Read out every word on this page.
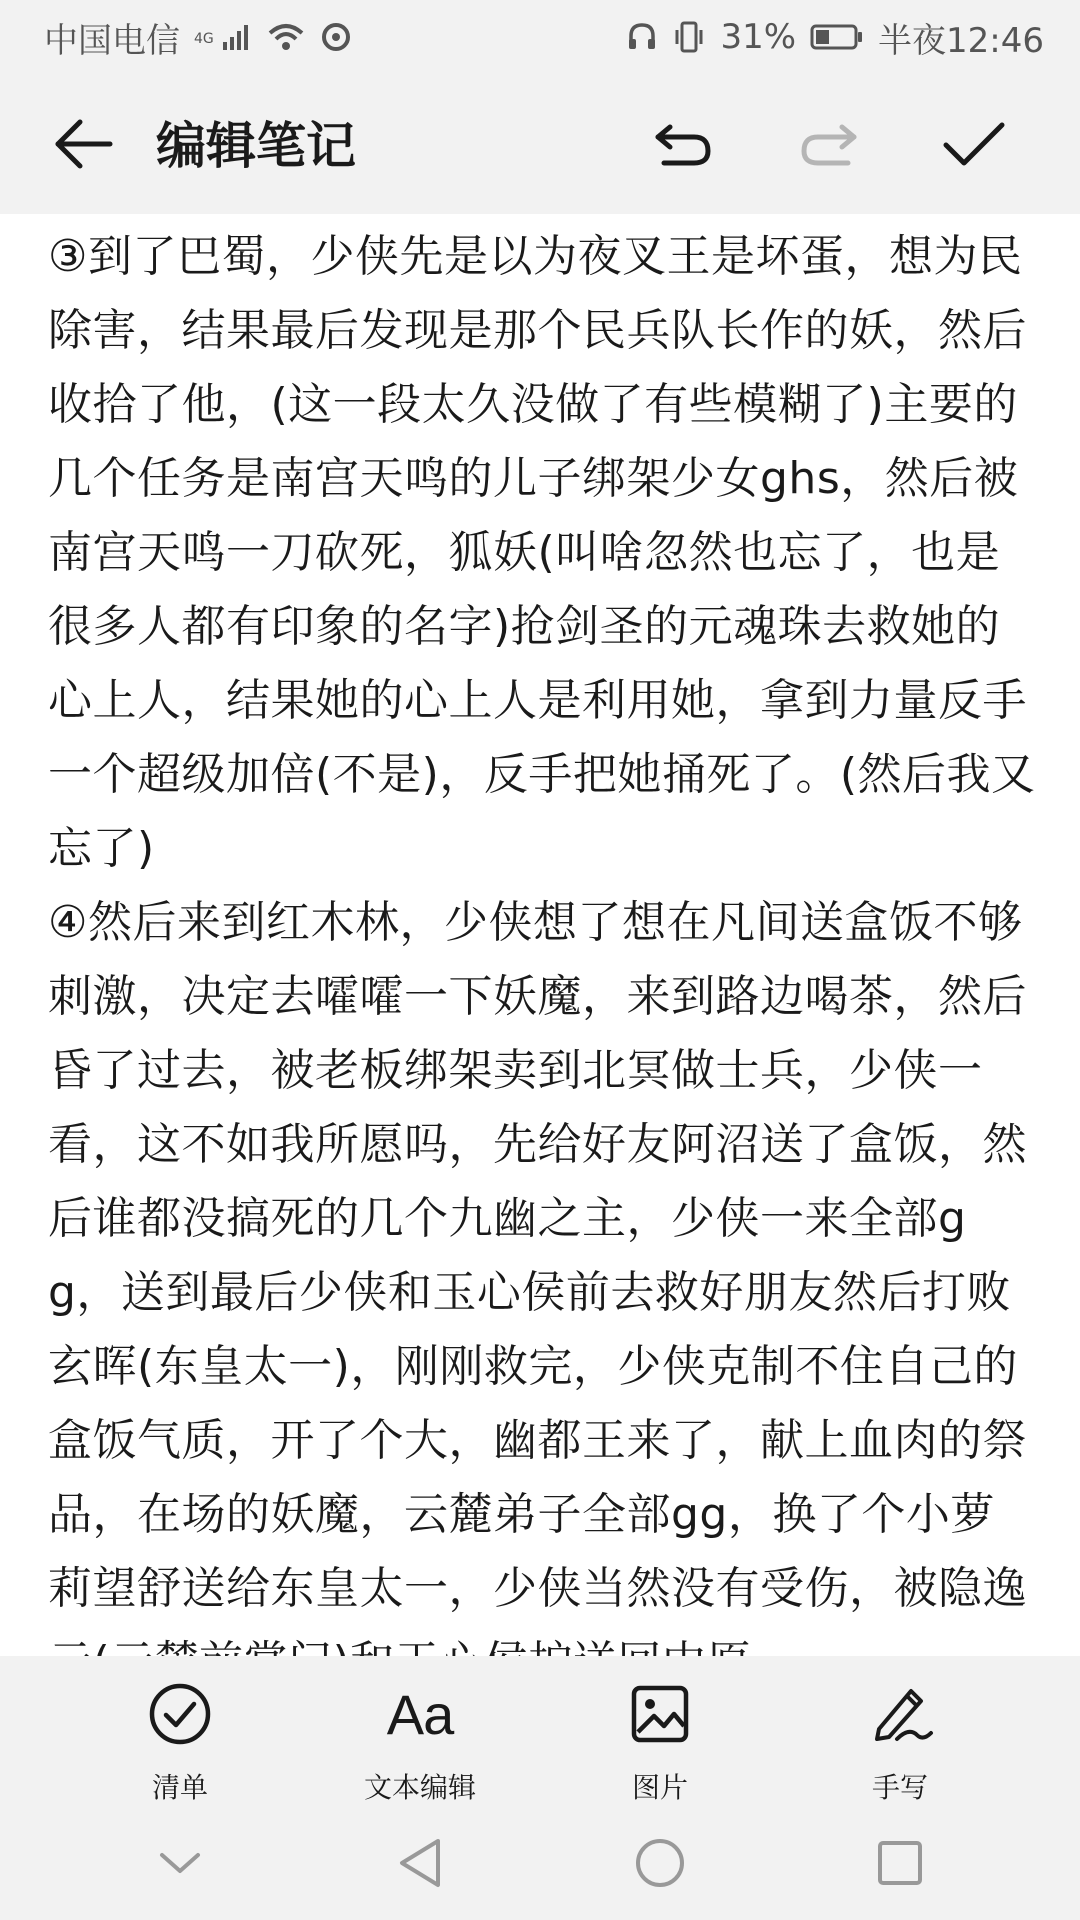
中国电信 4G	31% 半夜12:46
编辑笔记

③到了巴蜀，少侠先是以为夜叉王是坏蛋，想为民除害，结果最后发现是那个民兵队长作的妖，然后收拾了他，(这一段太久没做了有些模糊了)主要的几个任务是南宫天鸣的儿子绑架少女ghs，然后被南宫天鸣一刀砍死，狐妖(叫啥忽然也忘了，也是很多人都有印象的名字)抢剑圣的元魂珠去救她的心上人，结果她的心上人是利用她，拿到力量反手一个超级加倍(不是)，反手把她捅死了。(然后我又忘了)
④然后来到红木林，少侠想了想在凡间送盒饭不够刺激，决定去嚯嚯一下妖魔，来到路边喝茶，然后昏了过去，被老板绑架卖到北冥做士兵，少侠一看，这不如我所愿吗，先给好友阿沼送了盒饭，然后谁都没搞死的几个九幽之主，少侠一来全部gg，送到最后少侠和玉心侯前去救好朋友然后打败玄晖(东皇太一)，刚刚救完，少侠克制不住自己的盒饭气质，开了个大，幽都王来了，献上血肉的祭品，在场的妖魔，云麓弟子全部gg，换了个小萝莉望舒送给东皇太一，少侠当然没有受伤，被隐逸

清单
Aa
文本编辑	图片	手写
